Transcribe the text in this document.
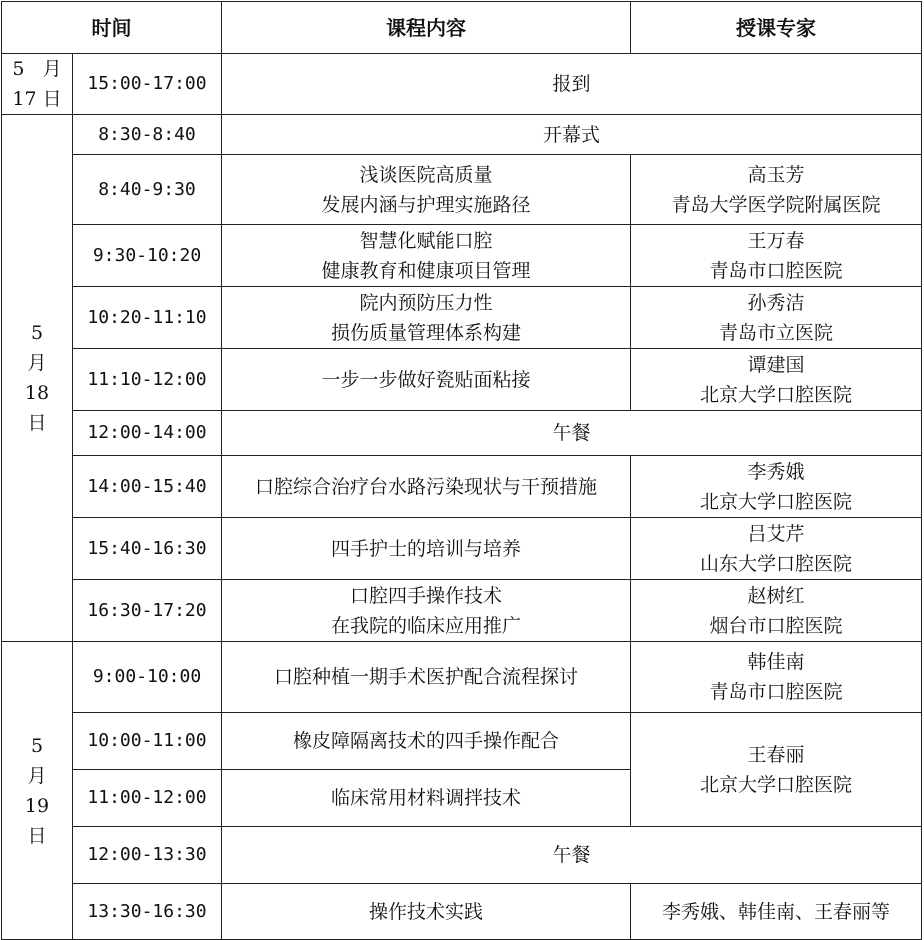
时间		课程内容	授课专家

5 月
17 日	15:00-17:00	报到	

5
月
18
日	8:30-8:40	开幕式	

	8:40-9:30	浅谈医院高质量
发展内涵与护理实施路径	高玉芳
青岛大学医学院附属医院

	9:30-10:20	智慧化赋能口腔
健康教育和健康项目管理	王万春
青岛市口腔医院

	10:20-11:10	院内预防压力性
损伤质量管理体系构建	孙秀洁
青岛市立医院

	11:10-12:00	一步一步做好瓷贴面粘接	谭建国
北京大学口腔医院

	12:00-14:00	午餐	

	14:00-15:40	口腔综合治疗台水路污染现状与干预措施	李秀娥
北京大学口腔医院

	15:40-16:30	四手护士的培训与培养	吕艾芹
山东大学口腔医院

	16:30-17:20	口腔四手操作技术
在我院的临床应用推广	赵树红
烟台市口腔医院

5
月
19
日	9:00-10:00	口腔种植一期手术医护配合流程探讨	韩佳南
青岛市口腔医院

	10:00-11:00	橡皮障隔离技术的四手操作配合	王春丽
北京大学口腔医院

	11:00-12:00	临床常用材料调拌技术	

	12:00-13:30	午餐	

	13:30-16:30	操作技术实践	李秀娥、韩佳南、王春丽等
